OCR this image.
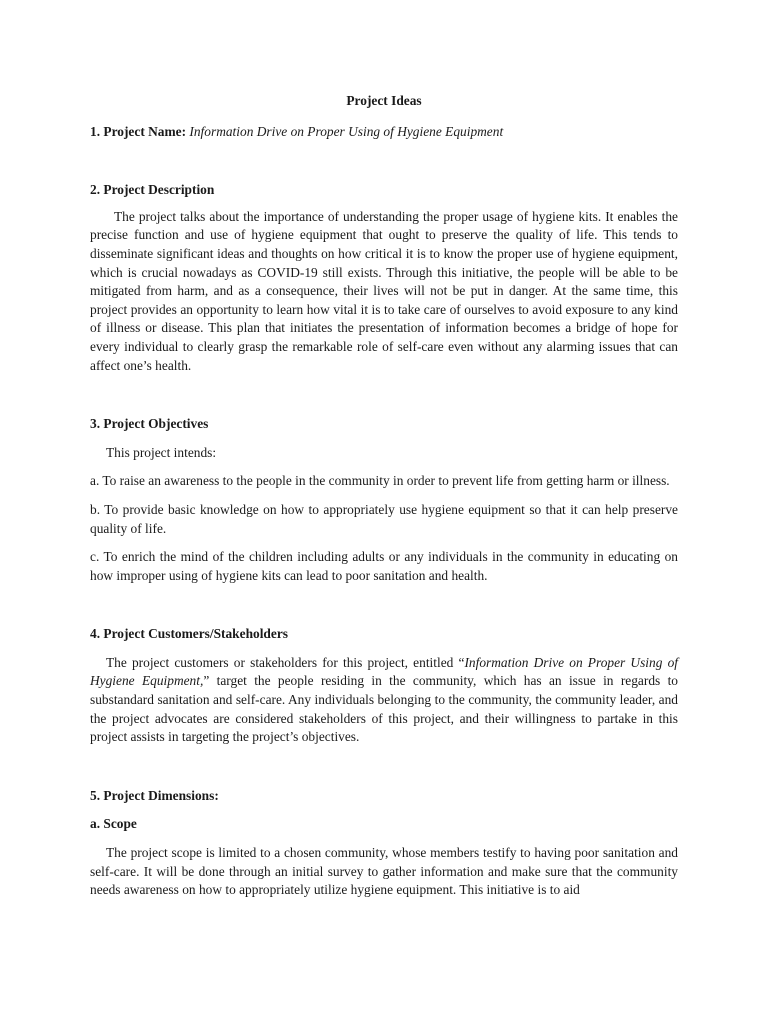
Project Ideas

1. Project Name: Information Drive on Proper Using of Hygiene Equipment

2. Project Description

The project talks about the importance of understanding the proper usage of hygiene kits. It enables the precise function and use of hygiene equipment that ought to preserve the quality of life. This tends to disseminate significant ideas and thoughts on how critical it is to know the proper use of hygiene equipment, which is crucial nowadays as COVID-19 still exists. Through this initiative, the people will be able to be mitigated from harm, and as a consequence, their lives will not be put in danger. At the same time, this project provides an opportunity to learn how vital it is to take care of ourselves to avoid exposure to any kind of illness or disease. This plan that initiates the presentation of information becomes a bridge of hope for every individual to clearly grasp the remarkable role of self-care even without any alarming issues that can affect one’s health.

3. Project Objectives

This project intends:

a. To raise an awareness to the people in the community in order to prevent life from getting harm or illness.

b. To provide basic knowledge on how to appropriately use hygiene equipment so that it can help preserve quality of life.

c. To enrich the mind of the children including adults or any individuals in the community in educating on how improper using of hygiene kits can lead to poor sanitation and health.

4. Project Customers/Stakeholders

The project customers or stakeholders for this project, entitled “Information Drive on Proper Using of Hygiene Equipment,” target the people residing in the community, which has an issue in regards to substandard sanitation and self-care. Any individuals belonging to the community, the community leader, and the project advocates are considered stakeholders of this project, and their willingness to partake in this project assists in targeting the project’s objectives.

5. Project Dimensions:

a. Scope

The project scope is limited to a chosen community, whose members testify to having poor sanitation and self-care. It will be done through an initial survey to gather information and make sure that the community needs awareness on how to appropriately utilize hygiene equipment. This initiative is to aid
